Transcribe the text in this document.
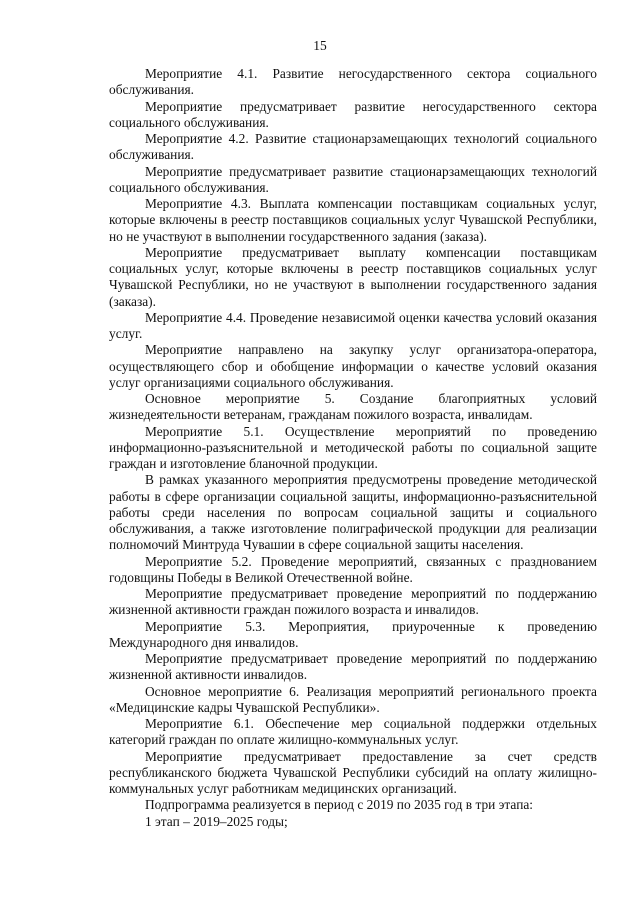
15

Мероприятие 4.1. Развитие негосударственного сектора социального обслуживания.

Мероприятие предусматривает развитие негосударственного сектора социального обслуживания.

Мероприятие 4.2. Развитие стационарзамещающих технологий социального обслуживания.

Мероприятие предусматривает развитие стационарзамещающих технологий социального обслуживания.

Мероприятие 4.3. Выплата компенсации поставщикам социальных услуг, которые включены в реестр поставщиков социальных услуг Чувашской Республики, но не участвуют в выполнении государственного задания (заказа).

Мероприятие предусматривает выплату компенсации поставщикам социальных услуг, которые включены в реестр поставщиков социальных услуг Чувашской Республики, но не участвуют в выполнении государственного задания (заказа).

Мероприятие 4.4. Проведение независимой оценки качества условий оказания услуг.

Мероприятие направлено на закупку услуг организатора-оператора, осуществляющего сбор и обобщение информации о качестве условий оказания услуг организациями социального обслуживания.

Основное мероприятие 5. Создание благоприятных условий жизнедеятельности ветеранам, гражданам пожилого возраста, инвалидам.

Мероприятие 5.1. Осуществление мероприятий по проведению информационно-разъяснительной и методической работы по социальной защите граждан и изготовление бланочной продукции.

В рамках указанного мероприятия предусмотрены проведение методической работы в сфере организации социальной защиты, информационно-разъяснительной работы среди населения по вопросам социальной защиты и социального обслуживания, а также изготовление полиграфической продукции для реализации полномочий Минтруда Чувашии в сфере социальной защиты населения.

Мероприятие 5.2. Проведение мероприятий, связанных с празднованием годовщины Победы в Великой Отечественной войне.

Мероприятие предусматривает проведение мероприятий по поддержанию жизненной активности граждан пожилого возраста и инвалидов.

Мероприятие 5.3. Мероприятия, приуроченные к проведению Международного дня инвалидов.

Мероприятие предусматривает проведение мероприятий по поддержанию жизненной активности инвалидов.

Основное мероприятие 6. Реализация мероприятий регионального проекта «Медицинские кадры Чувашской Республики».

Мероприятие 6.1. Обеспечение мер социальной поддержки отдельных категорий граждан по оплате жилищно-коммунальных услуг.

Мероприятие предусматривает предоставление за счет средств республиканского бюджета Чувашской Республики субсидий на оплату жилищно-коммунальных услуг работникам медицинских организаций.

Подпрограмма реализуется в период с 2019 по 2035 год в три этапа:

1 этап – 2019–2025 годы;
